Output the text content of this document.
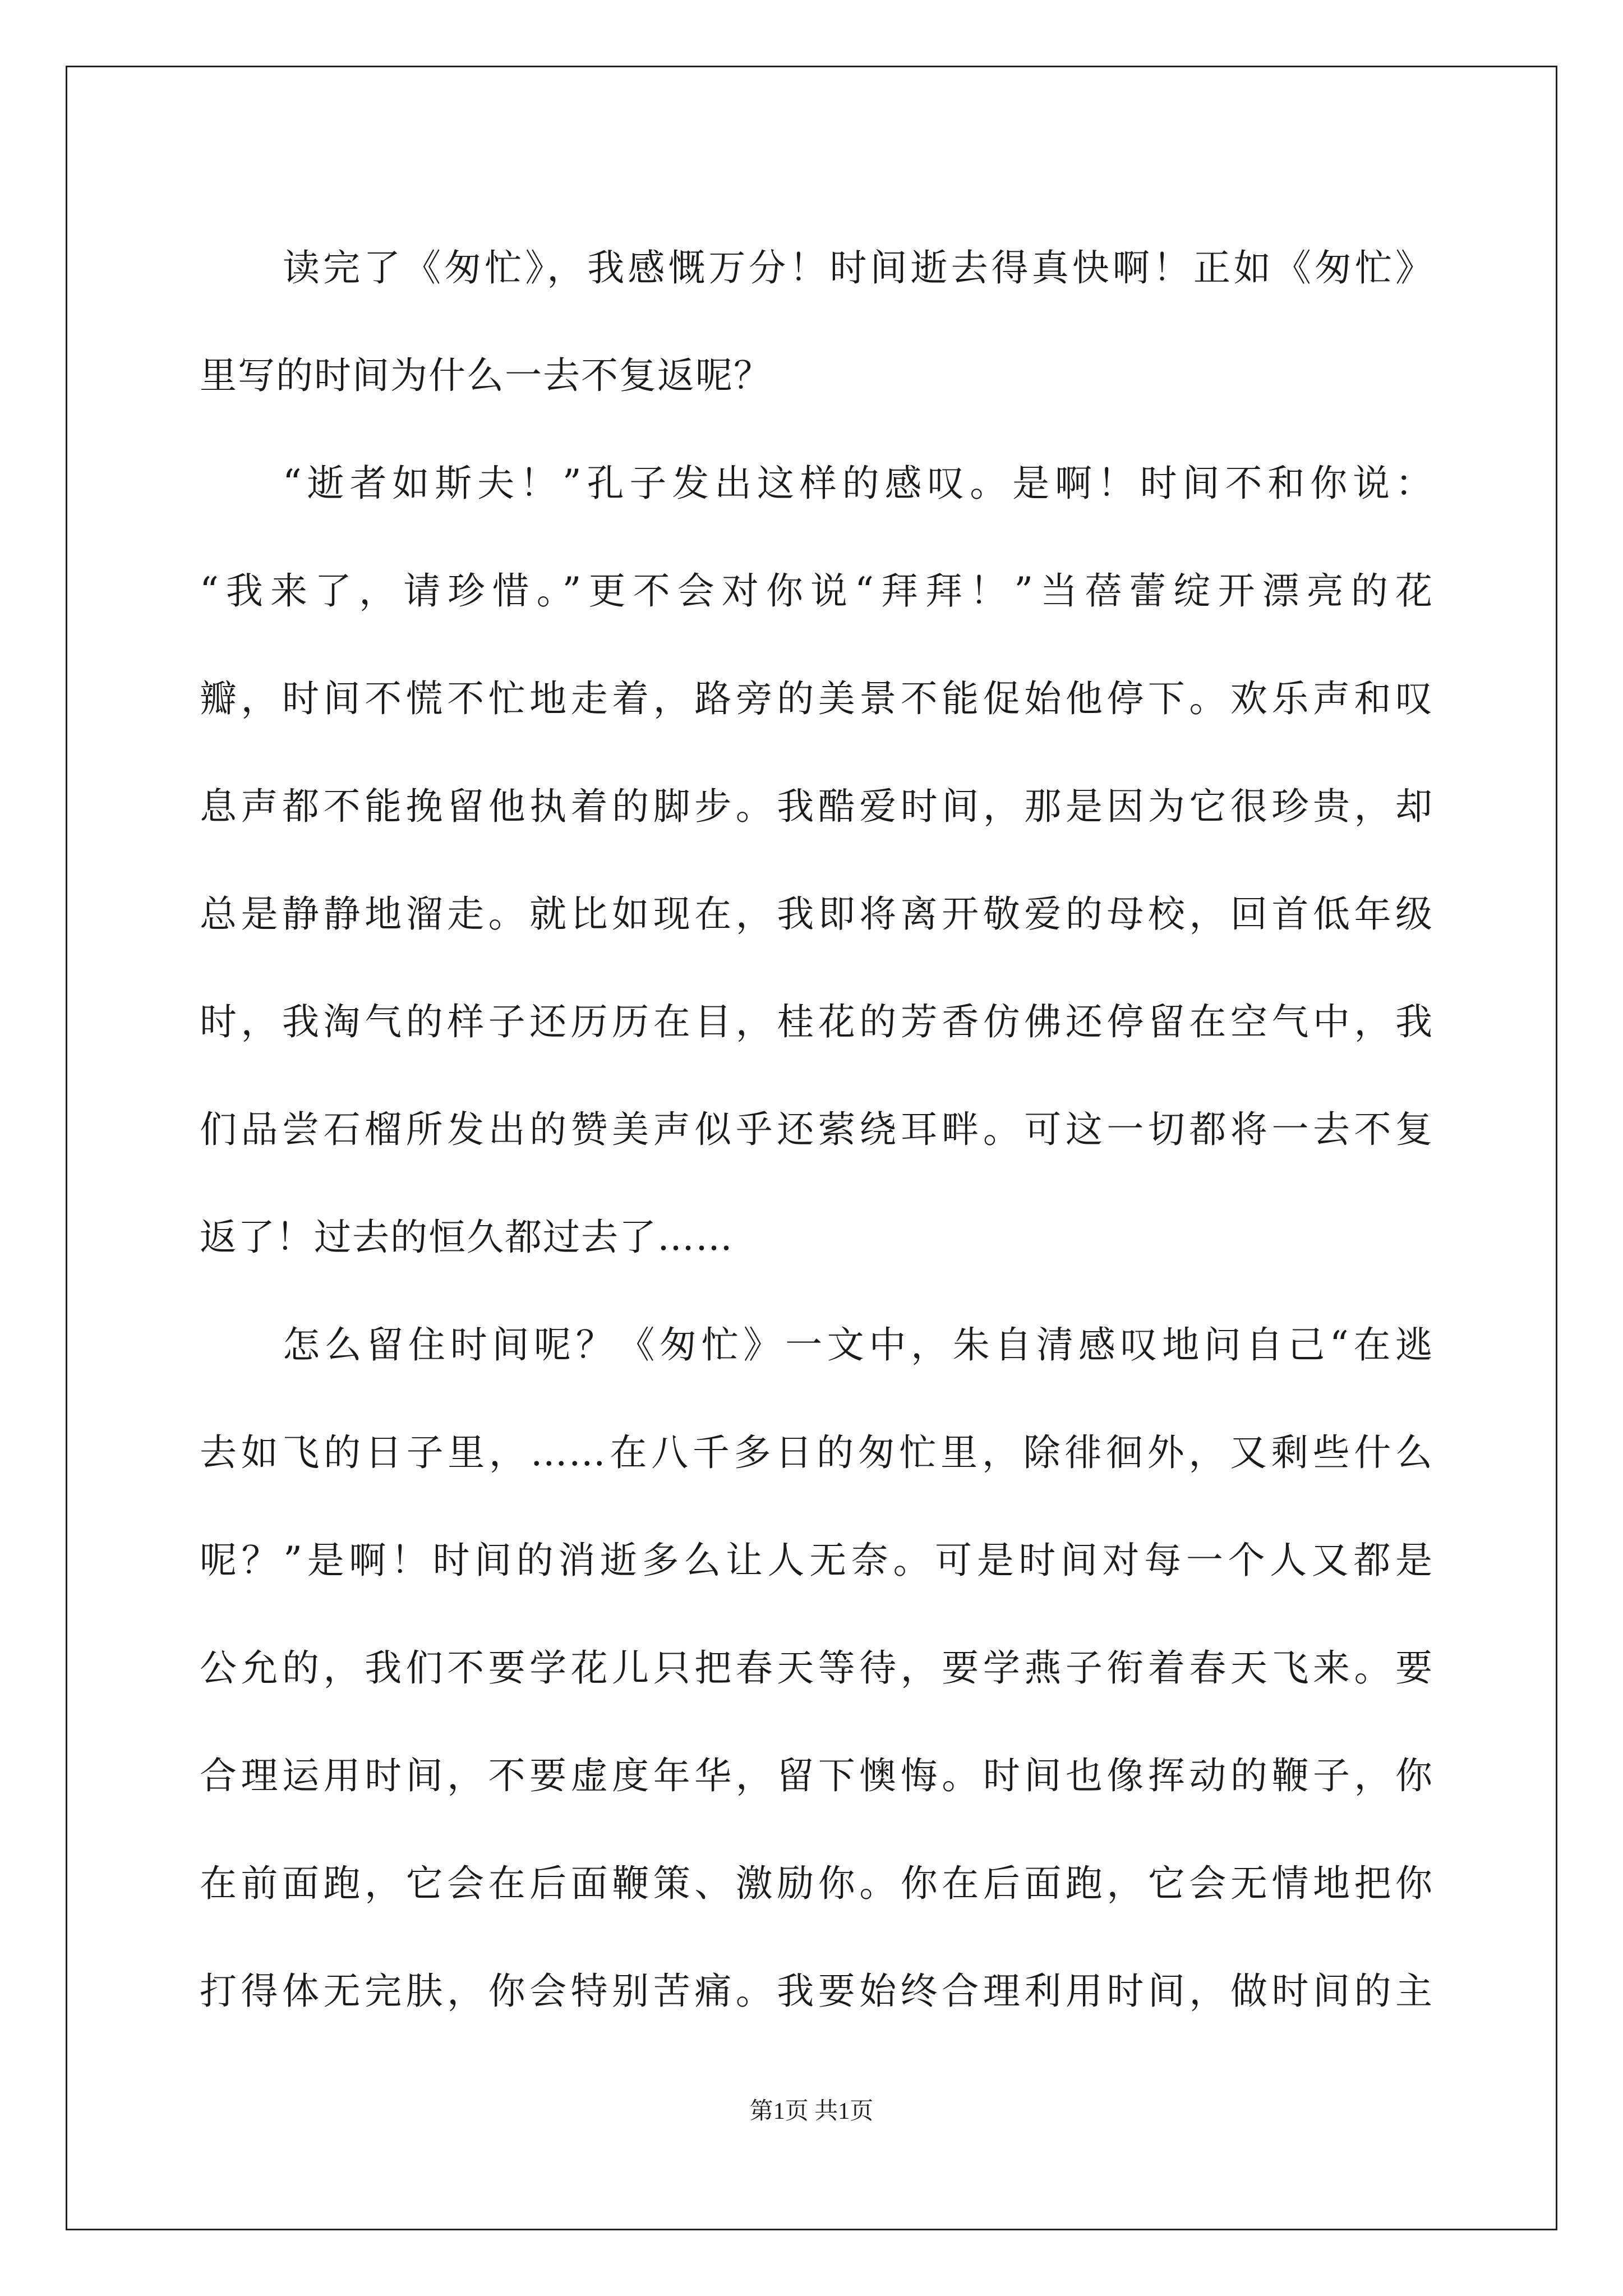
读完了《匆忙》，我感慨万分！时间逝去得真快啊！正如《匆忙》
里写的时间为什么一去不复返呢？
“逝者如斯夫！”孔子发出这样的感叹。是啊！时间不和你说：
“我来了，请珍惜。”更不会对你说“拜拜！”当蓓蕾绽开漂亮的花
瓣，时间不慌不忙地走着，路旁的美景不能促始他停下。欢乐声和叹
息声都不能挽留他执着的脚步。我酷爱时间，那是因为它很珍贵，却
总是静静地溜走。就比如现在，我即将离开敬爱的母校，回首低年级
时，我淘气的样子还历历在目，桂花的芳香仿佛还停留在空气中，我
们品尝石榴所发出的赞美声似乎还萦绕耳畔。可这一切都将一去不复
返了！过去的恒久都过去了……
怎么留住时间呢？《匆忙》一文中，朱自清感叹地问自己“在逃
去如飞的日子里，……在八千多日的匆忙里，除徘徊外，又剩些什么
呢？”是啊！时间的消逝多么让人无奈。可是时间对每一个人又都是
公允的，我们不要学花儿只把春天等待，要学燕子衔着春天飞来。要
合理运用时间，不要虚度年华，留下懊悔。时间也像挥动的鞭子，你
在前面跑，它会在后面鞭策、激励你。你在后面跑，它会无情地把你
打得体无完肤，你会特别苦痛。我要始终合理利用时间，做时间的主
第1页 共1页
